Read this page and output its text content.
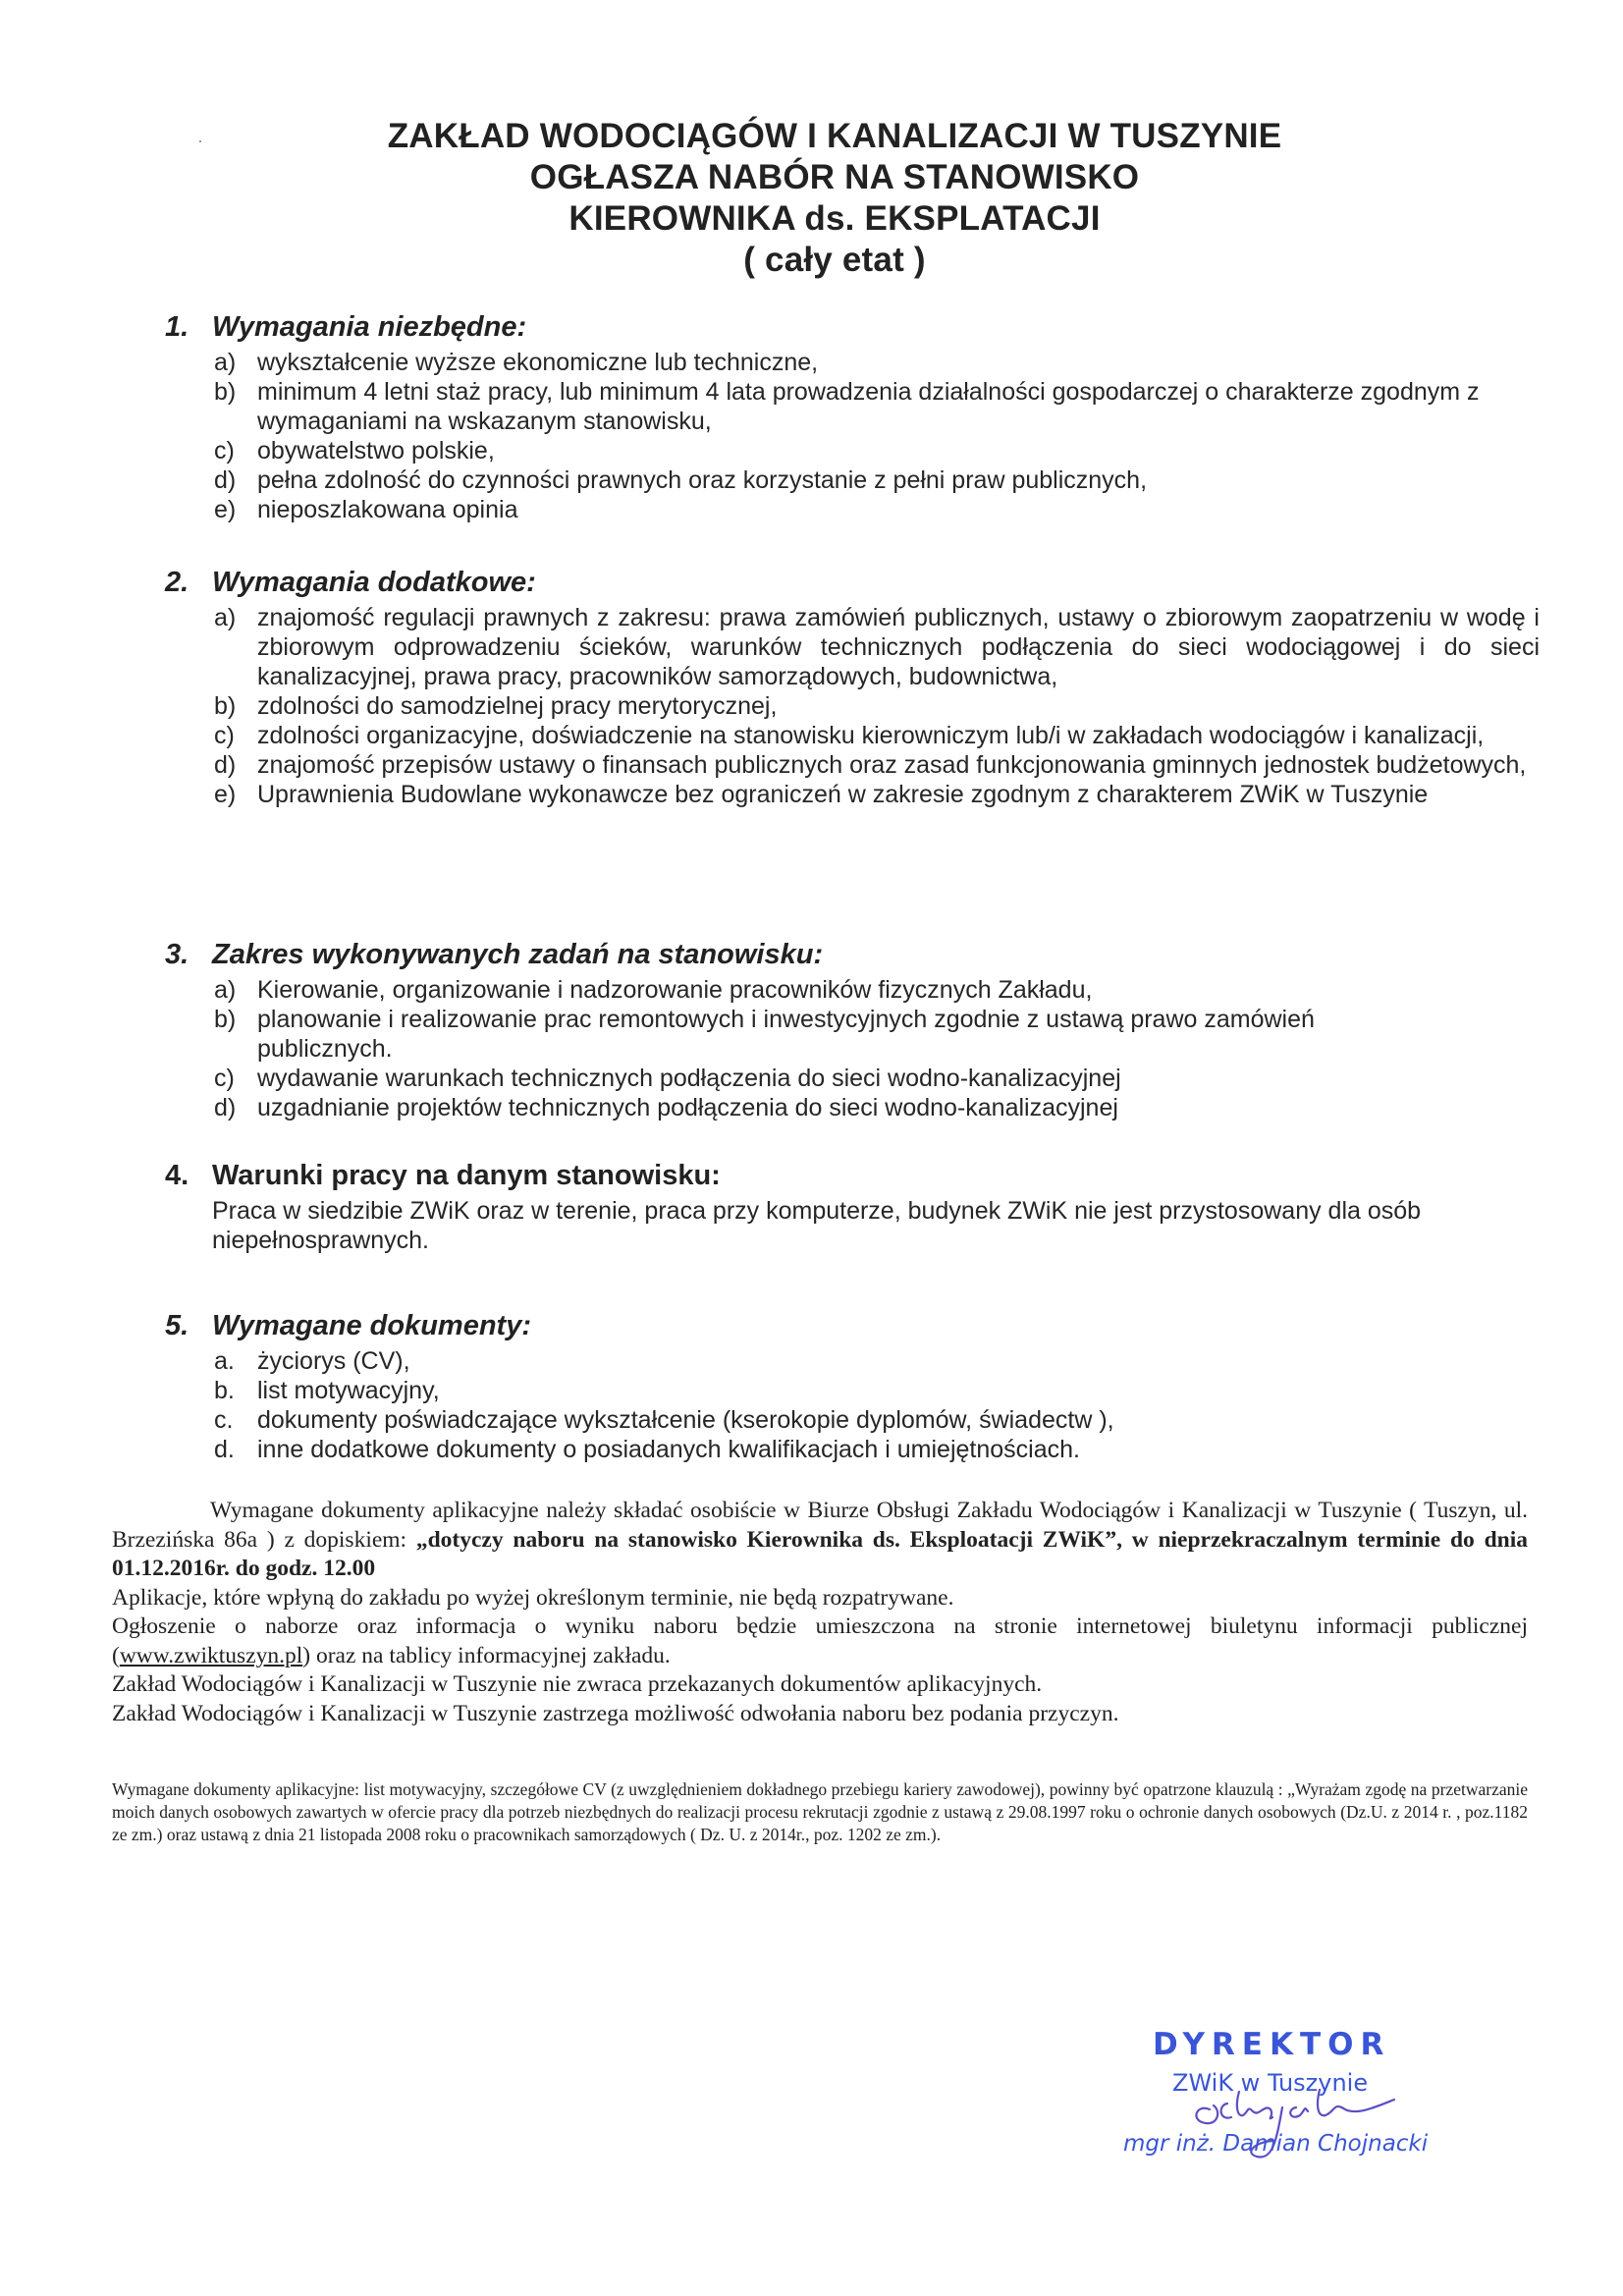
ZAKŁAD WODOCIĄGÓW I KANALIZACJI W TUSZYNIE
OGŁASZA NABÓR NA STANOWISKO
KIEROWNIKA ds. EKSPLATACJI
( cały etat )
1. Wymagania niezbędne:
a) wykształcenie wyższe ekonomiczne lub techniczne,
b) minimum 4 letni staż pracy, lub minimum 4 lata prowadzenia działalności gospodarczej o charakterze zgodnym z wymaganiami na wskazanym stanowisku,
c) obywatelstwo polskie,
d) pełna zdolność do czynności prawnych oraz korzystanie z pełni praw publicznych,
e) nieposzlakowana opinia
2. Wymagania dodatkowe:
a) znajomość regulacji prawnych z zakresu: prawa zamówień publicznych, ustawy o zbiorowym zaopatrzeniu w wodę i zbiorowym odprowadzeniu ścieków, warunków technicznych podłączenia do sieci wodociągowej i do sieci kanalizacyjnej, prawa pracy, pracowników samorządowych, budownictwa,
b) zdolności do samodzielnej pracy merytorycznej,
c) zdolności organizacyjne, doświadczenie na stanowisku kierowniczym lub/i w zakładach wodociągów i kanalizacji,
d) znajomość przepisów ustawy o finansach publicznych oraz zasad funkcjonowania gminnych jednostek budżetowych,
e) Uprawnienia Budowlane wykonawcze bez ograniczeń w zakresie zgodnym z charakterem ZWiK w Tuszynie
3. Zakres wykonywanych zadań na stanowisku:
a) Kierowanie, organizowanie i nadzorowanie pracowników fizycznych Zakładu,
b) planowanie i realizowanie prac remontowych i inwestycyjnych zgodnie z ustawą prawo zamówień publicznych.
c) wydawanie warunkach technicznych podłączenia do sieci wodno-kanalizacyjnej
d) uzgadnianie projektów technicznych podłączenia do sieci wodno-kanalizacyjnej
4. Warunki pracy na danym stanowisku:
Praca w siedzibie ZWiK oraz w terenie, praca przy komputerze, budynek ZWiK nie jest przystosowany dla osób niepełnosprawnych.
5. Wymagane dokumenty:
a. życiorys (CV),
b. list motywacyjny,
c. dokumenty poświadczające wykształcenie (kserokopie dyplomów, świadectw ),
d. inne dodatkowe dokumenty o posiadanych kwalifikacjach i umiejętnościach.

Wymagane dokumenty aplikacyjne należy składać osobiście w Biurze Obsługi Zakładu Wodociągów i Kanalizacji w Tuszynie ( Tuszyn, ul. Brzezińska 86a ) z dopiskiem: „dotyczy naboru na stanowisko Kierownika ds. Eksploatacji ZWiK”, w nieprzekraczalnym terminie do dnia 01.12.2016r. do godz. 12.00

Aplikacje, które wpłyną do zakładu po wyżej określonym terminie, nie będą rozpatrywane.

Ogłoszenie o naborze oraz informacja o wyniku naboru będzie umieszczona na stronie internetowej biuletynu informacji publicznej (www.zwiktuszyn.pl) oraz na tablicy informacyjnej zakładu.

Zakład Wodociągów i Kanalizacji w Tuszynie nie zwraca przekazanych dokumentów aplikacyjnych.

Zakład Wodociągów i Kanalizacji w Tuszynie zastrzega możliwość odwołania naboru bez podania przyczyn.

Wymagane dokumenty aplikacyjne: list motywacyjny, szczegółowe CV (z uwzględnieniem dokładnego przebiegu kariery zawodowej), powinny być opatrzone klauzulą : „Wyrażam zgodę na przetwarzanie moich danych osobowych zawartych w ofercie pracy dla potrzeb niezbędnych do realizacji procesu rekrutacji zgodnie z ustawą z 29.08.1997 roku o ochronie danych osobowych (Dz.U. z 2014 r. , poz.1182 ze zm.) oraz ustawą z dnia 21 listopada 2008 roku o pracownikach samorządowych ( Dz. U. z 2014r., poz. 1202 ze zm.).
DYREKTOR
ZWiK w Tuszynie
mgr inż. Damian Chojnacki
